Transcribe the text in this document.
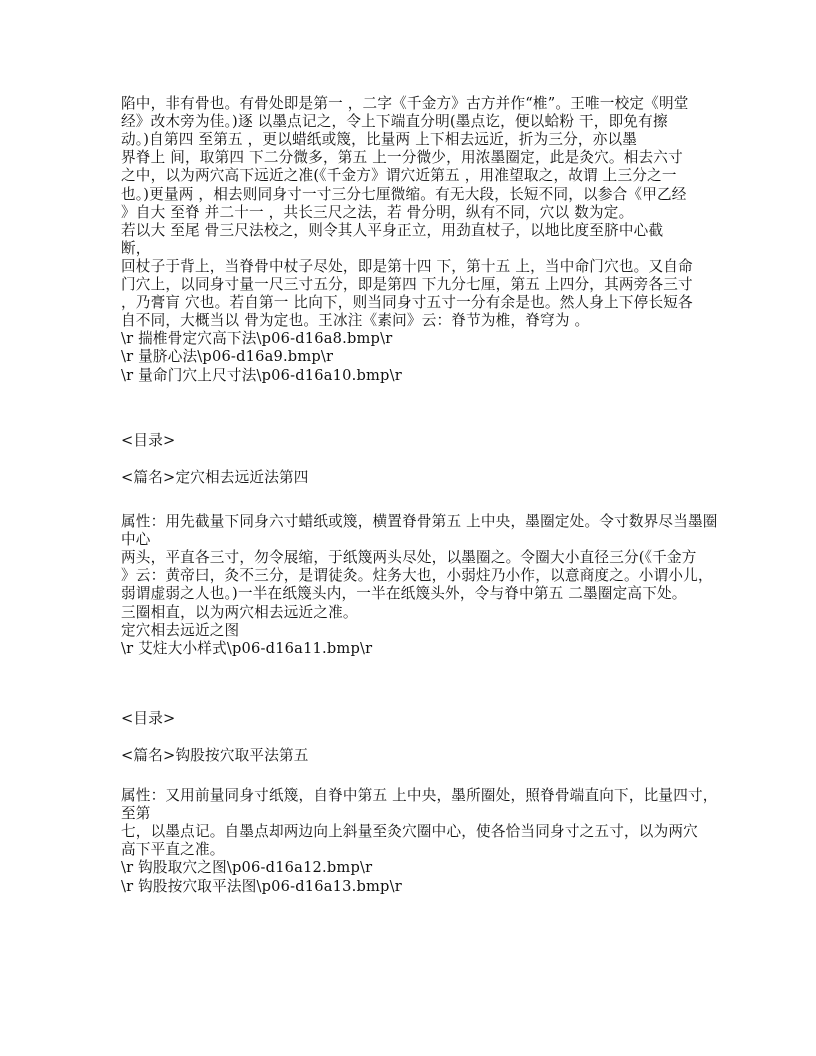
陷中，非有骨也。有骨处即是第一 ，二字《千金方》古方并作“椎”。王唯一校定《明堂
经》改木旁为佳。)逐 以墨点记之，令上下端直分明(墨点讫，便以蛤粉 干，即免有擦
动。)自第四 至第五 ，更以蜡纸或篾，比量两 上下相去远近，折为三分，亦以墨
界脊上 间，取第四 下二分微多，第五 上一分微少，用浓墨圈定，此是灸穴。相去六寸
之中，以为两穴高下远近之准(《千金方》谓穴近第五 ，用准望取之，故谓 上三分之一
也。)更量两 ，相去则同身寸一寸三分七厘微缩。有无大段，长短不同，以参合《甲乙经
》自大 至脊 并二十一 ，共长三尺之法，若 骨分明，纵有不同，穴以 数为定。
若以大 至尾 骨三尺法校之，则令其人平身正立，用劲直杖子，以地比度至脐中心截
断，
回杖子于背上，当脊骨中杖子尽处，即是第十四 下，第十五 上，当中命门穴也。又自命
门穴上，以同身寸量一尺三寸五分，即是第四 下九分七厘，第五 上四分，其两旁各三寸
，乃膏肓 穴也。若自第一 比向下，则当同身寸五寸一分有余是也。然人身上下停长短各
自不同，大概当以 骨为定也。王冰注《素问》云：脊节为椎，脊穹为 。
\r 揣椎骨定穴高下法\p06-d16a8.bmp\r
\r 量脐心法\p06-d16a9.bmp\r
\r 量命门穴上尺寸法\p06-d16a10.bmp\r
<目录>
<篇名>定穴相去远近法第四
属性：用先截量下同身六寸蜡纸或篾，横置脊骨第五 上中央，墨圈定处。令寸数界尽当墨圈
中心
两头，平直各三寸，勿令展缩，于纸篾两头尽处，以墨圈之。令圈大小直径三分(《千金方
》云：黄帝曰，灸不三分，是谓徒灸。炷务大也，小弱炷乃小作，以意商度之。小谓小儿，
弱谓虚弱之人也。)一半在纸篾头内，一半在纸篾头外，令与脊中第五 二墨圈定高下处。
三圈相直，以为两穴相去远近之准。
定穴相去远近之图
\r 艾炷大小样式\p06-d16a11.bmp\r
<目录>
<篇名>钩股按穴取平法第五
属性：又用前量同身寸纸篾，自脊中第五 上中央，墨所圈处，照脊骨端直向下，比量四寸，
至第
七，以墨点记。自墨点却两边向上斜量至灸穴圈中心，使各恰当同身寸之五寸，以为两穴
高下平直之准。
\r 钩股取穴之图\p06-d16a12.bmp\r
\r 钩股按穴取平法图\p06-d16a13.bmp\r
